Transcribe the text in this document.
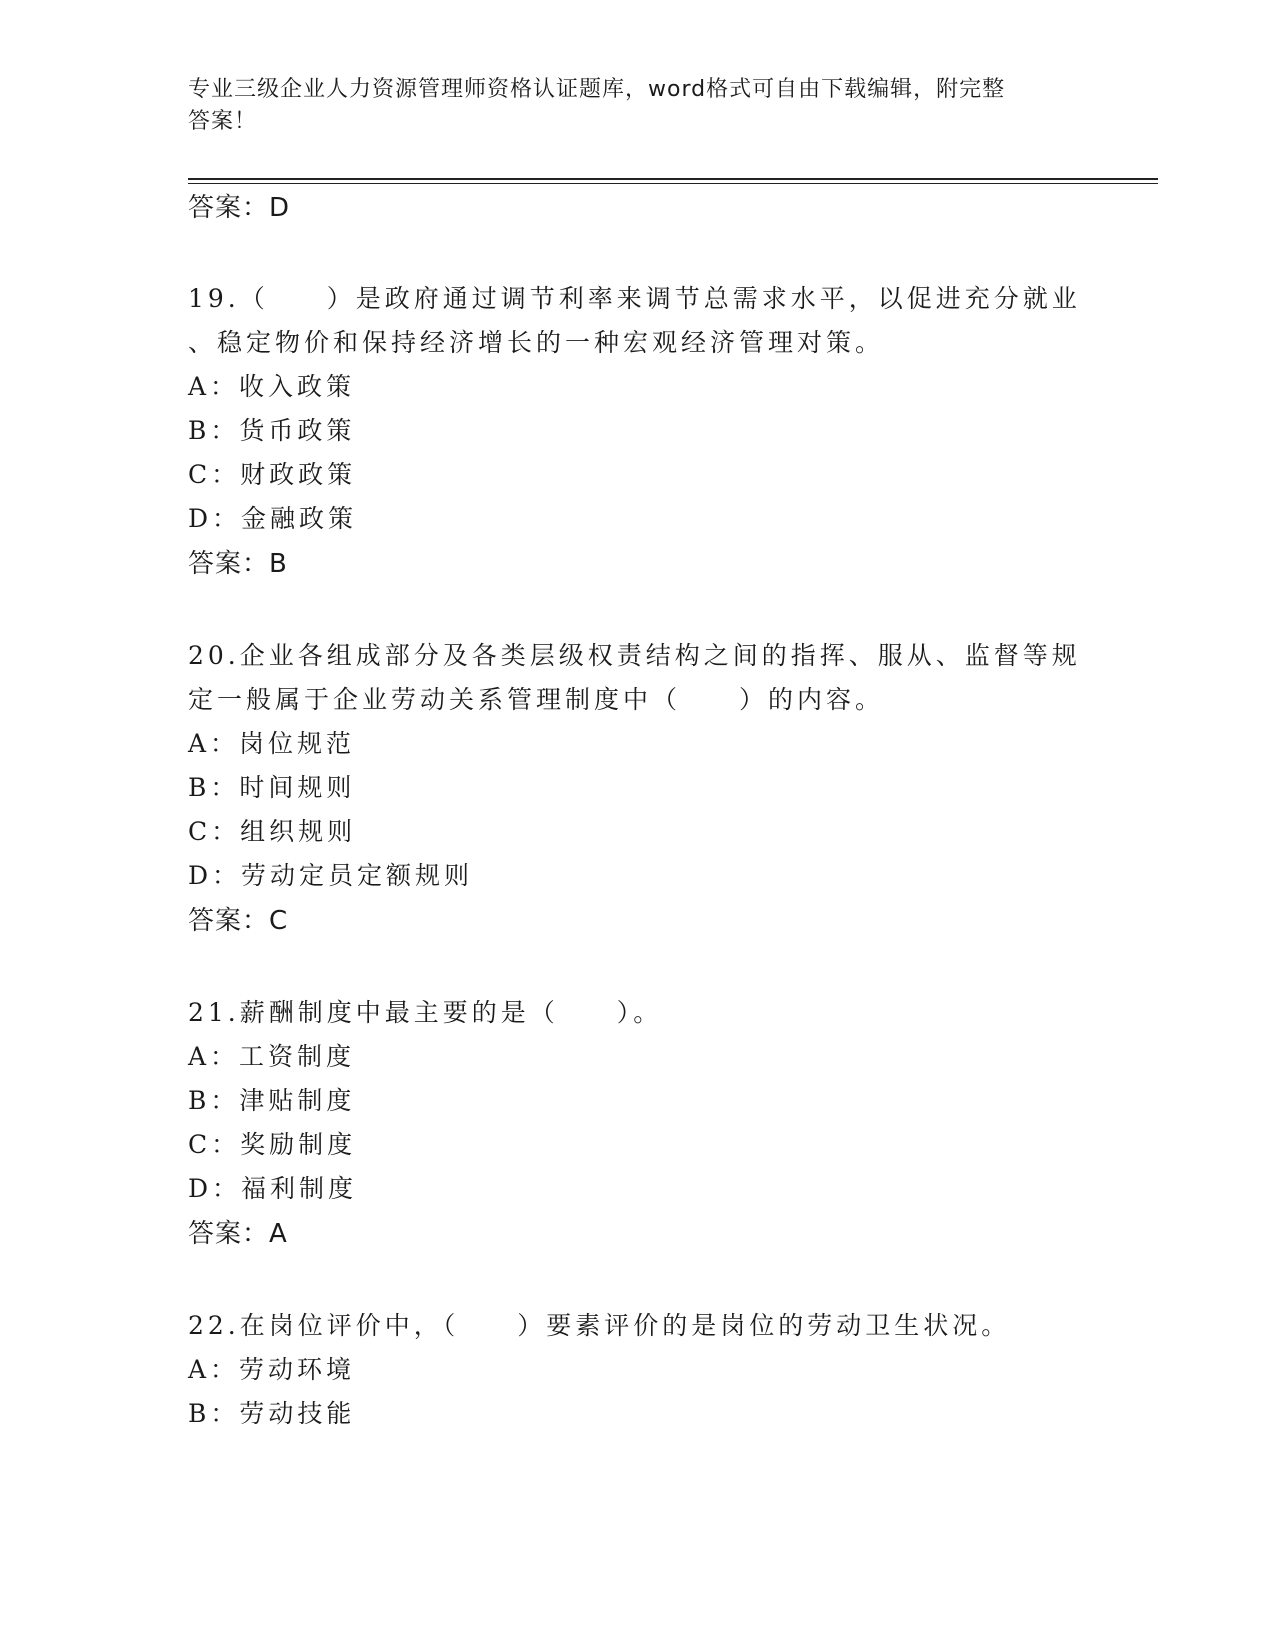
专业三级企业人力资源管理师资格认证题库，word格式可自由下载编辑，附完整
答案！
答案：D
19.（　　）是政府通过调节利率来调节总需求水平，以促进充分就业
、稳定物价和保持经济增长的一种宏观经济管理对策。
A：收入政策
B：货币政策
C：财政政策
D：金融政策
答案：B
20.企业各组成部分及各类层级权责结构之间的指挥、服从、监督等规
定一般属于企业劳动关系管理制度中（　　）的内容。
A：岗位规范
B：时间规则
C：组织规则
D：劳动定员定额规则
答案：C
21.薪酬制度中最主要的是（　　）。
A：工资制度
B：津贴制度
C：奖励制度
D：福利制度
答案：A
22.在岗位评价中，（　　）要素评价的是岗位的劳动卫生状况。
A：劳动环境
B：劳动技能
